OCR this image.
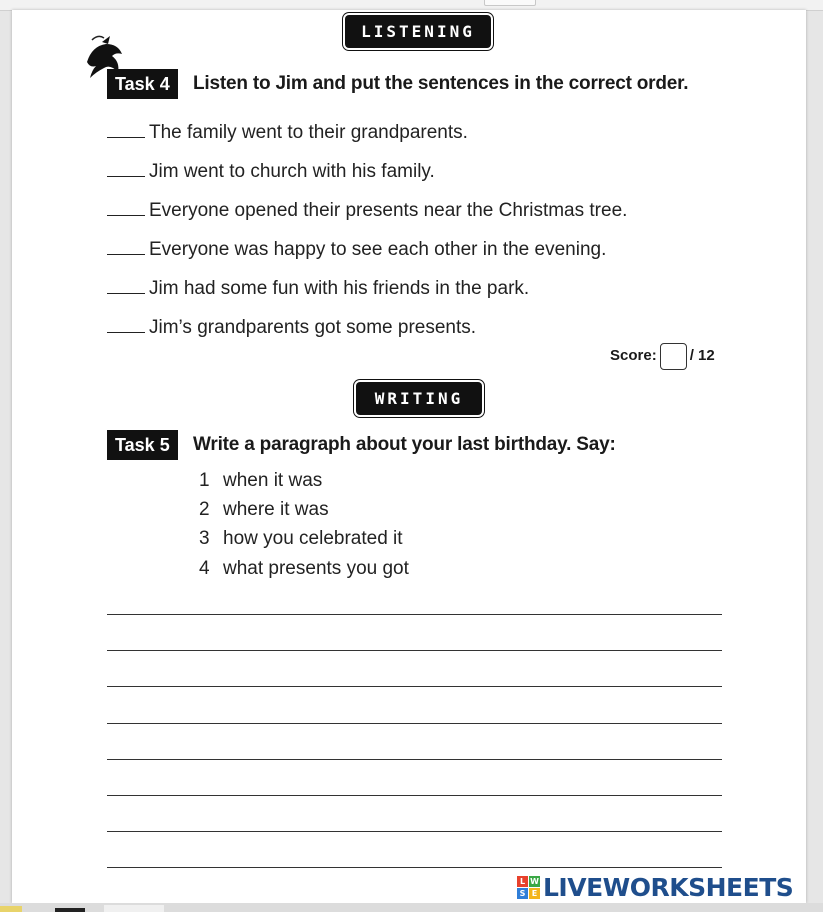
LISTENING
Task 4	Listen to Jim and put the sentences in the correct order.
The family went to their grandparents.
Jim went to church with his family.
Everyone opened their presents near the Christmas tree.
Everyone was happy to see each other in the evening.
Jim had some fun with his friends in the park.
Jim’s grandparents got some presents.
Score: / 12
WRITING
Task 5	Write a paragraph about your last birthday. Say:
1 when it was
2 where it was
3 how you celebrated it
4 what presents you got
L W
S E LIVEWORKSHEETS
